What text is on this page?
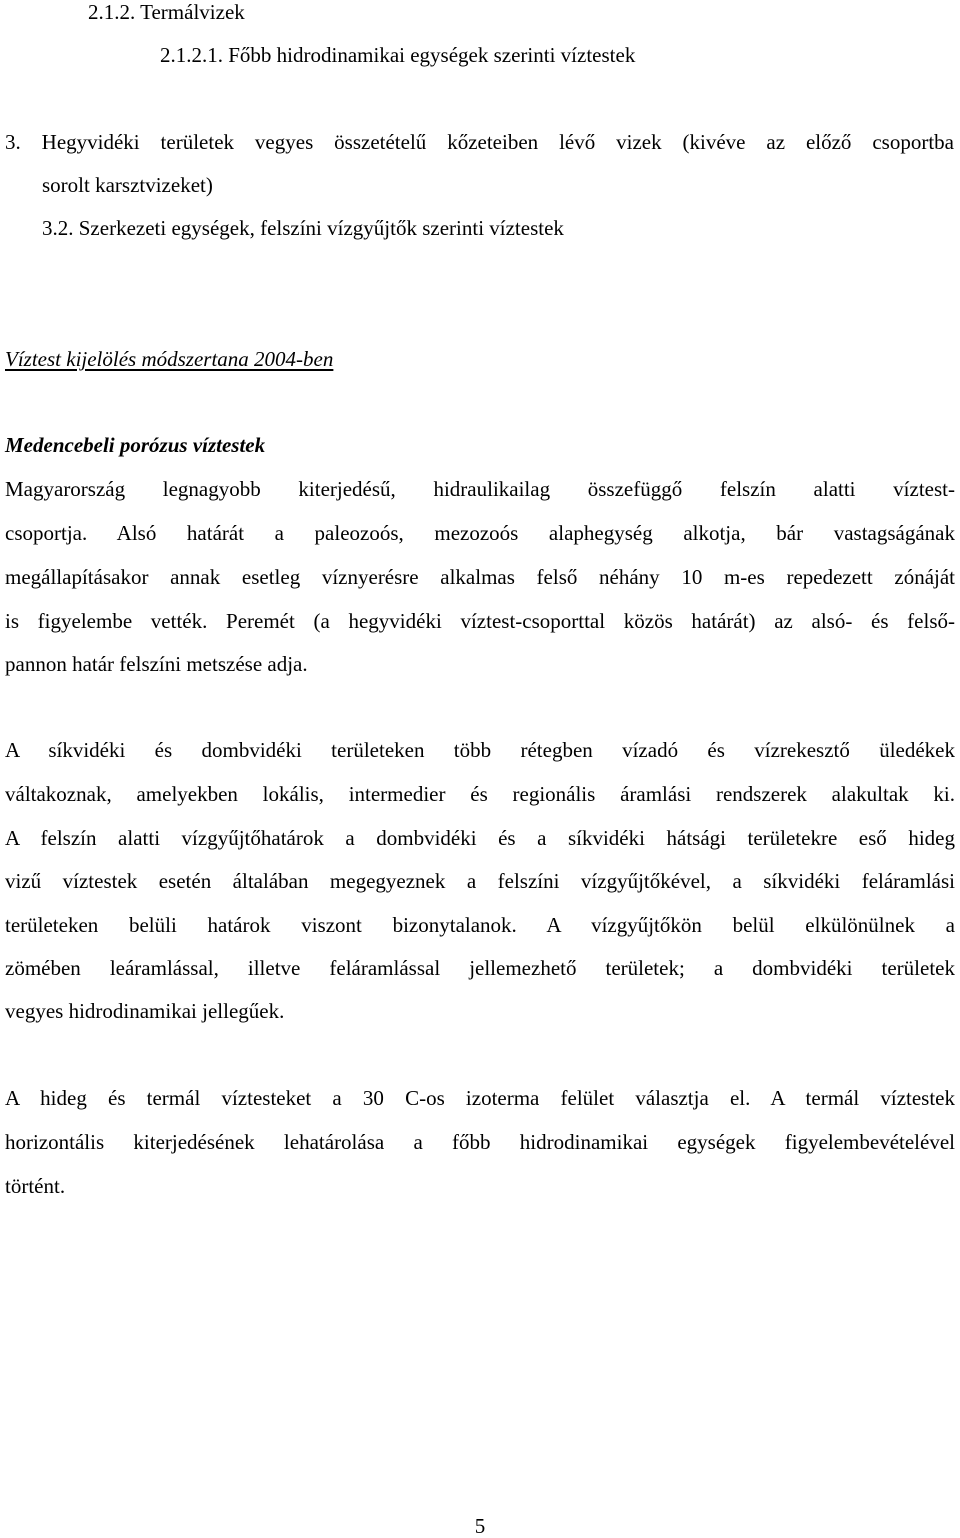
2.1.2. Termálvizek
2.1.2.1. Főbb hidrodinamikai egységek szerinti víztestek
3. Hegyvidéki területek vegyes összetételű kőzeteiben lévő vizek (kivéve az előző csoportba
sorolt karsztvizeket)
3.2. Szerkezeti egységek, felszíni vízgyűjtők szerinti víztestek
Víztest kijelölés módszertana 2004-ben
Medencebeli porózus víztestek
Magyarország legnagyobb kiterjedésű, hidraulikailag összefüggő felszín alatti víztest-
csoportja. Alsó határát a paleozoós, mezozoós alaphegység alkotja, bár vastagságának
megállapításakor annak esetleg víznyerésre alkalmas felső néhány 10 m-es repedezett zónáját
is figyelembe vették. Peremét (a hegyvidéki víztest-csoporttal közös határát) az alsó- és felső-
pannon határ felszíni metszése adja.
A síkvidéki és dombvidéki területeken több rétegben vízadó és vízrekesztő üledékek
váltakoznak, amelyekben lokális, intermedier és regionális áramlási rendszerek alakultak ki.
A felszín alatti vízgyűjtőhatárok a dombvidéki és a síkvidéki hátsági területekre eső hideg
vizű víztestek esetén általában megegyeznek a felszíni vízgyűjtőkével, a síkvidéki feláramlási
területeken belüli határok viszont bizonytalanok. A vízgyűjtőkön belül elkülönülnek a
zömében leáramlással, illetve feláramlással jellemezhető területek; a dombvidéki területek
vegyes hidrodinamikai jellegűek.
A hideg és termál víztesteket a 30 C-os izoterma felület választja el. A termál víztestek
horizontális kiterjedésének lehatárolása a főbb hidrodinamikai egységek figyelembevételével
történt.
5
